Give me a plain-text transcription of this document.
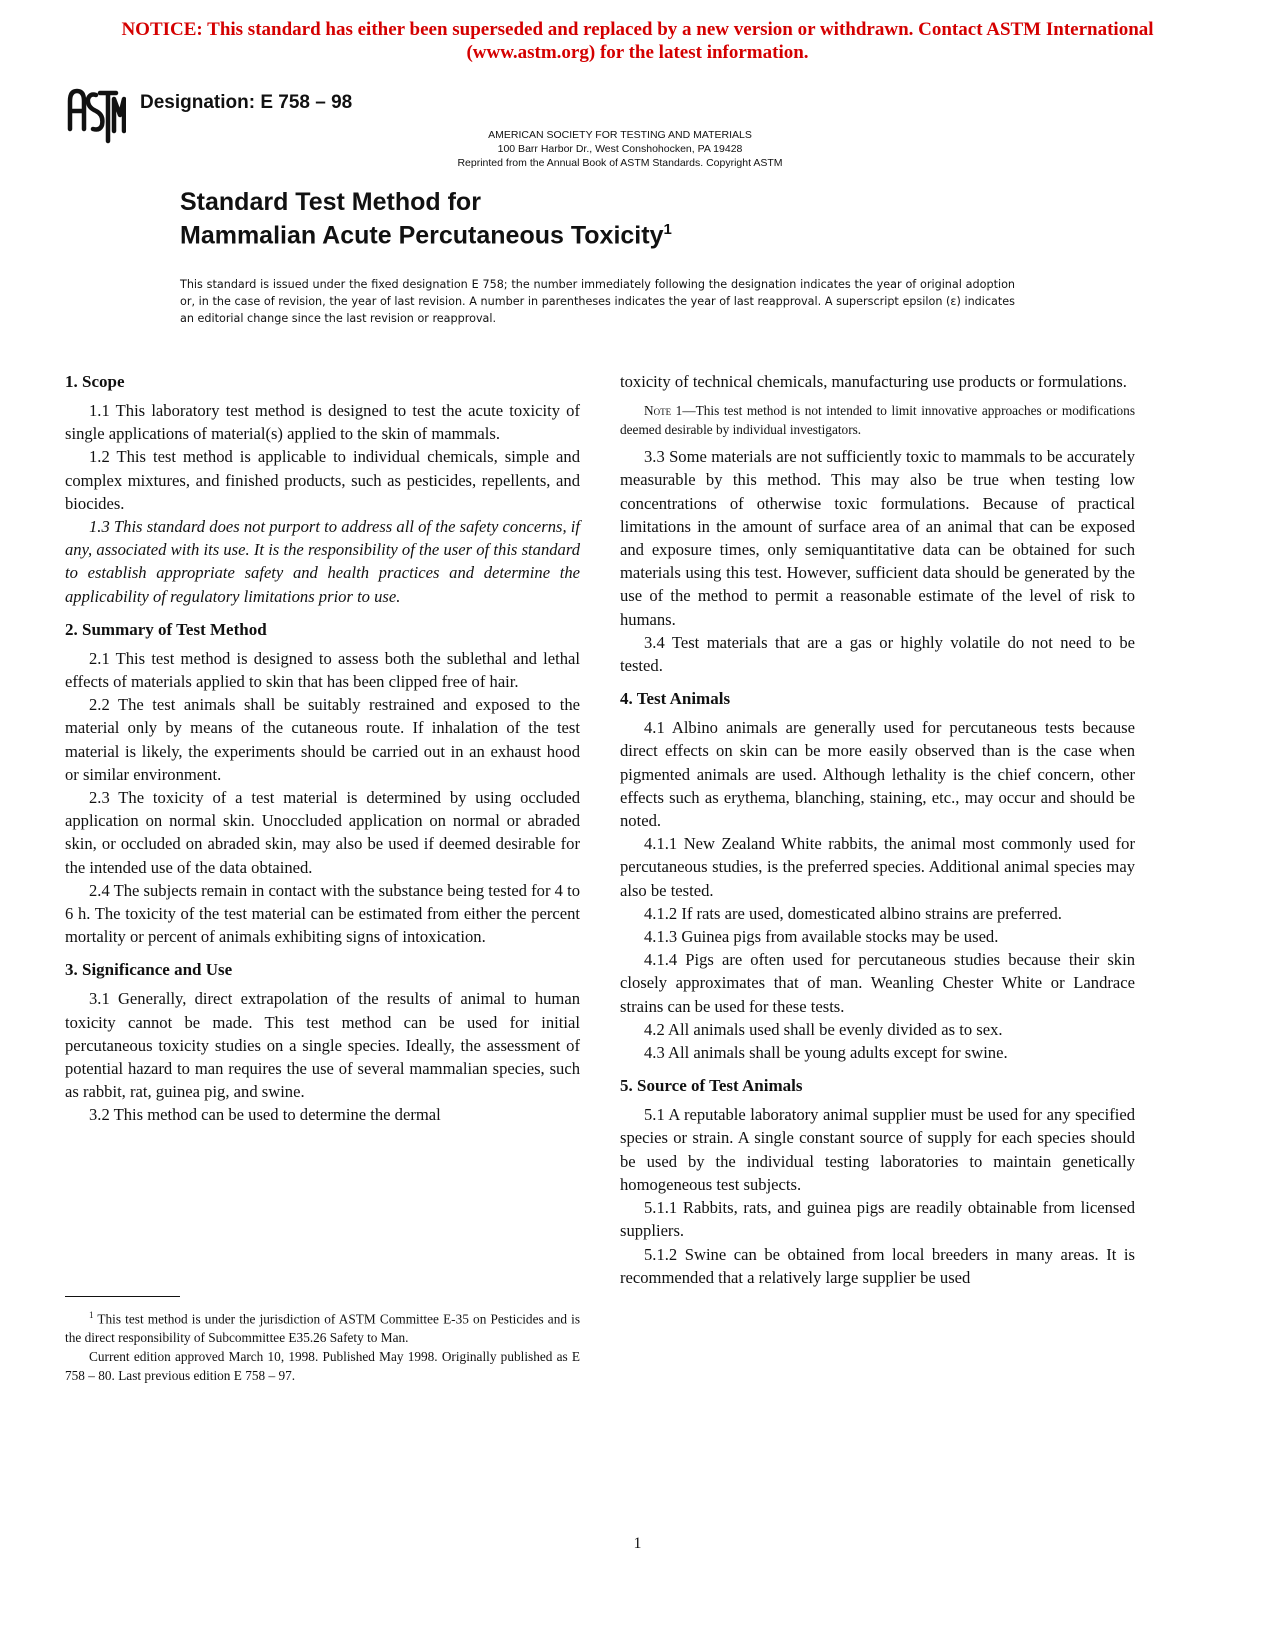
NOTICE: This standard has either been superseded and replaced by a new version or withdrawn. Contact ASTM International (www.astm.org) for the latest information.
Designation: E 758 – 98
AMERICAN SOCIETY FOR TESTING AND MATERIALS
100 Barr Harbor Dr., West Conshohocken, PA 19428
Reprinted from the Annual Book of ASTM Standards. Copyright ASTM
Standard Test Method for
Mammalian Acute Percutaneous Toxicity$^1$
This standard is issued under the fixed designation E 758; the number immediately following the designation indicates the year of original adoption or, in the case of revision, the year of last revision. A number in parentheses indicates the year of last reapproval. A superscript epsilon (ε) indicates an editorial change since the last revision or reapproval.
1. Scope

1.1 This laboratory test method is designed to test the acute toxicity of single applications of material(s) applied to the skin of mammals.

1.2 This test method is applicable to individual chemicals, simple and complex mixtures, and finished products, such as pesticides, repellents, and biocides.

1.3 This standard does not purport to address all of the safety concerns, if any, associated with its use. It is the responsibility of the user of this standard to establish appropriate safety and health practices and determine the applicability of regulatory limitations prior to use.

2. Summary of Test Method

2.1 This test method is designed to assess both the sublethal and lethal effects of materials applied to skin that has been clipped free of hair.

2.2 The test animals shall be suitably restrained and exposed to the material only by means of the cutaneous route. If inhalation of the test material is likely, the experiments should be carried out in an exhaust hood or similar environment.

2.3 The toxicity of a test material is determined by using occluded application on normal skin. Unoccluded application on normal or abraded skin, or occluded on abraded skin, may also be used if deemed desirable for the intended use of the data obtained.

2.4 The subjects remain in contact with the substance being tested for 4 to 6 h. The toxicity of the test material can be estimated from either the percent mortality or percent of animals exhibiting signs of intoxication.

3. Significance and Use

3.1 Generally, direct extrapolation of the results of animal to human toxicity cannot be made. This test method can be used for initial percutaneous toxicity studies on a single species. Ideally, the assessment of potential hazard to man requires the use of several mammalian species, such as rabbit, rat, guinea pig, and swine.

3.2 This method can be used to determine the dermal

toxicity of technical chemicals, manufacturing use products or formulations.

Note 1—This test method is not intended to limit innovative approaches or modifications deemed desirable by individual investigators.

3.3 Some materials are not sufficiently toxic to mammals to be accurately measurable by this method. This may also be true when testing low concentrations of otherwise toxic formulations. Because of practical limitations in the amount of surface area of an animal that can be exposed and exposure times, only semiquantitative data can be obtained for such materials using this test. However, sufficient data should be generated by the use of the method to permit a reasonable estimate of the level of risk to humans.

3.4 Test materials that are a gas or highly volatile do not need to be tested.

4. Test Animals

4.1 Albino animals are generally used for percutaneous tests because direct effects on skin can be more easily observed than is the case when pigmented animals are used. Although lethality is the chief concern, other effects such as erythema, blanching, staining, etc., may occur and should be noted.

4.1.1 New Zealand White rabbits, the animal most commonly used for percutaneous studies, is the preferred species. Additional animal species may also be tested.

4.1.2 If rats are used, domesticated albino strains are preferred.

4.1.3 Guinea pigs from available stocks may be used.

4.1.4 Pigs are often used for percutaneous studies because their skin closely approximates that of man. Weanling Chester White or Landrace strains can be used for these tests.

4.2 All animals used shall be evenly divided as to sex.

4.3 All animals shall be young adults except for swine.

5. Source of Test Animals

5.1 A reputable laboratory animal supplier must be used for any specified species or strain. A single constant source of supply for each species should be used by the individual testing laboratories to maintain genetically homogeneous test subjects.

5.1.1 Rabbits, rats, and guinea pigs are readily obtainable from licensed suppliers.

5.1.2 Swine can be obtained from local breeders in many areas. It is recommended that a relatively large supplier be used

$^1$ This test method is under the jurisdiction of ASTM Committee E-35 on Pesticides and is the direct responsibility of Subcommittee E35.26 Safety to Man.

Current edition approved March 10, 1998. Published May 1998. Originally published as E 758 – 80. Last previous edition E 758 – 97.

1
